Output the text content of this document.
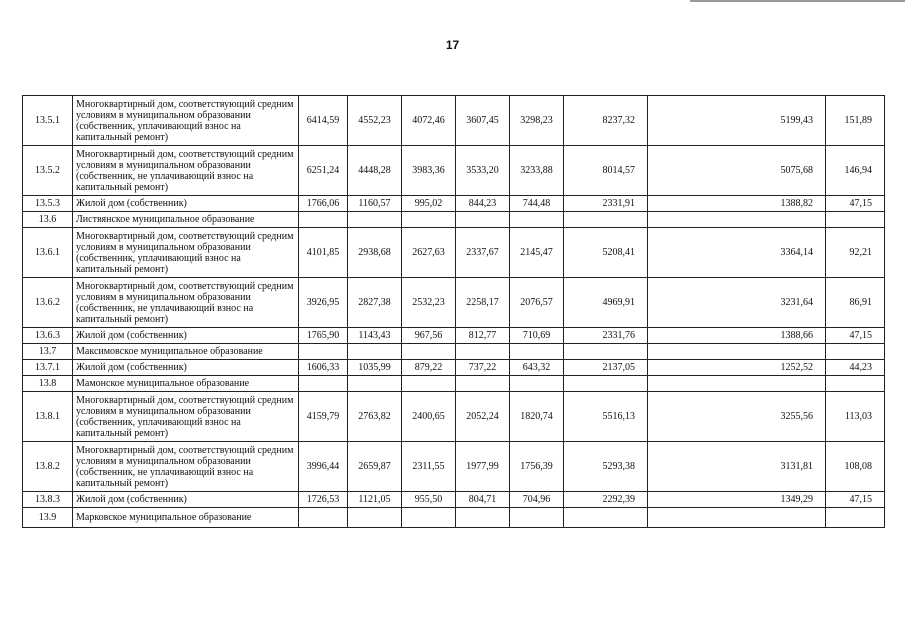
17
13.5.1	Многоквартирный дом, соответствующий средним условиям в муниципальном образовании (собственник, уплачивающий взнос на капитальный ремонт)	6414,59	4552,23	4072,46	3607,45	3298,23	8237,32	5199,43	151,89
13.5.2	Многоквартирный дом, соответствующий средним условиям в муниципальном образовании (собственник, не уплачивающий взнос на капитальный ремонт)	6251,24	4448,28	3983,36	3533,20	3233,88	8014,57	5075,68	146,94
13.5.3	Жилой дом (собственник)	1766,06	1160,57	995,02	844,23	744,48	2331,91	1388,82	47,15
13.6	Листвянское муниципальное образование								
13.6.1	Многоквартирный дом, соответствующий средним условиям в муниципальном образовании (собственник, уплачивающий взнос на капитальный ремонт)	4101,85	2938,68	2627,63	2337,67	2145,47	5208,41	3364,14	92,21
13.6.2	Многоквартирный дом, соответствующий средним условиям в муниципальном образовании (собственник, не уплачивающий взнос на капитальный ремонт)	3926,95	2827,38	2532,23	2258,17	2076,57	4969,91	3231,64	86,91
13.6.3	Жилой дом (собственник)	1765,90	1143,43	967,56	812,77	710,69	2331,76	1388,66	47,15
13.7	Максимовское муниципальное образование								
13.7.1	Жилой дом (собственник)	1606,33	1035,99	879,22	737,22	643,32	2137,05	1252,52	44,23
13.8	Мамонское муниципальное образование								
13.8.1	Многоквартирный дом, соответствующий средним условиям в муниципальном образовании (собственник, уплачивающий взнос на капитальный ремонт)	4159,79	2763,82	2400,65	2052,24	1820,74	5516,13	3255,56	113,03
13.8.2	Многоквартирный дом, соответствующий средним условиям в муниципальном образовании (собственник, не уплачивающий взнос на капитальный ремонт)	3996,44	2659,87	2311,55	1977,99	1756,39	5293,38	3131,81	108,08
13.8.3	Жилой дом (собственник)	1726,53	1121,05	955,50	804,71	704,96	2292,39	1349,29	47,15
13.9	Марковское муниципальное образование								
